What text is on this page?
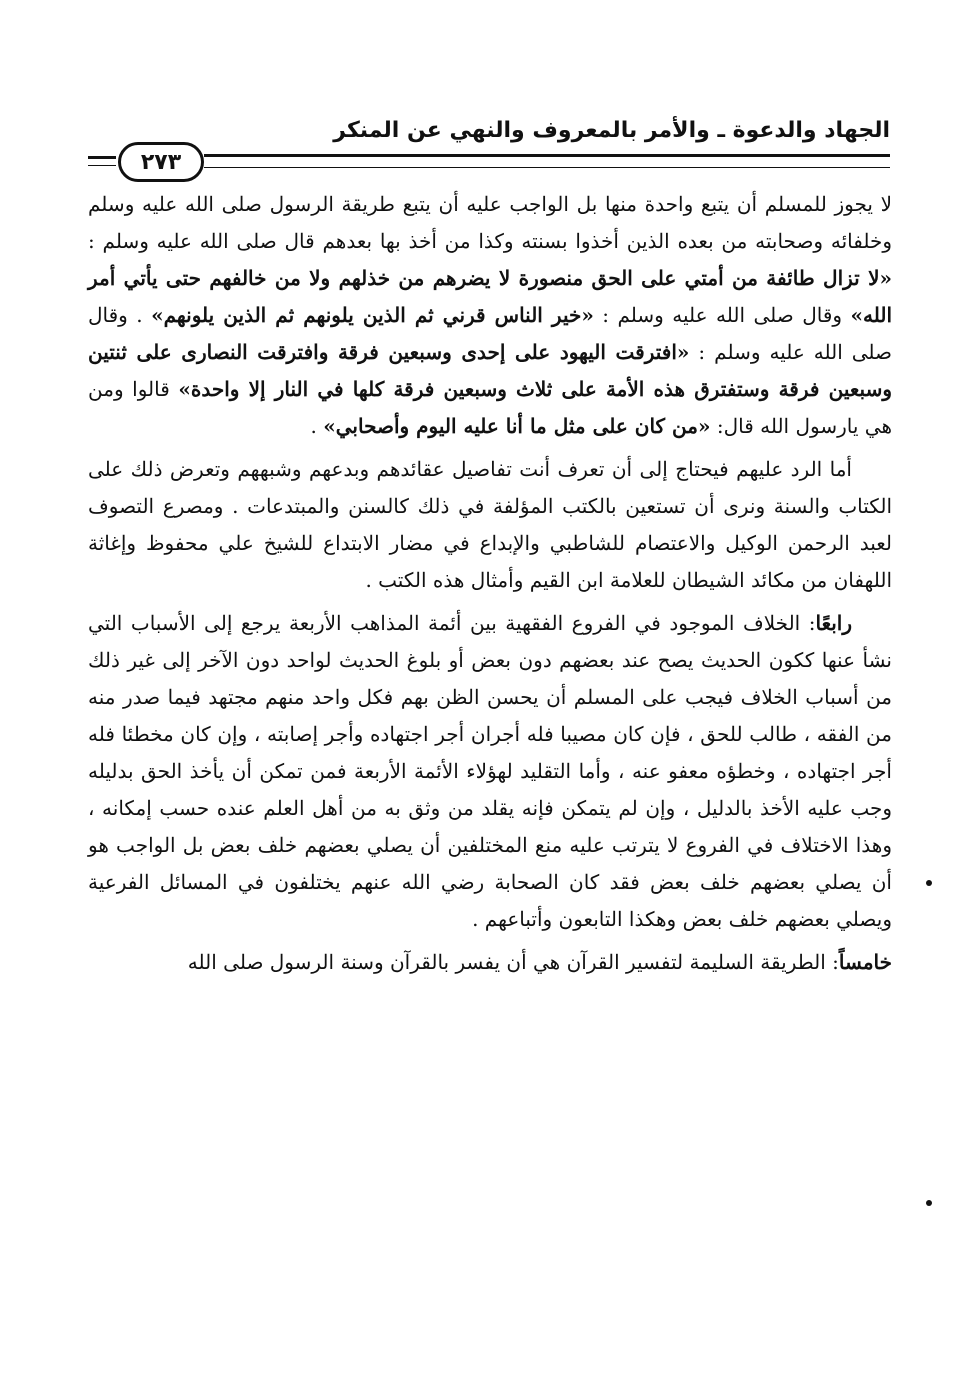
الجهاد والدعوة ـ والأمر بالمعروف والنهي عن المنكر
٢٧٣

لا يجوز للمسلم أن يتبع واحدة منها بل الواجب عليه أن يتبع طريقة الرسول صلى الله عليه وسلم وخلفائه وصحابته من بعده الذين أخذوا بسنته وكذا من أخذ بها بعدهم قال صلى الله عليه وسلم : «لا تزال طائفة من أمتي على الحق منصورة لا يضرهم من خذلهم ولا من خالفهم حتى يأتي أمر الله» وقال صلى الله عليه وسلم : «خير الناس قرني ثم الذين يلونهم ثم الذين يلونهم» . وقال صلى الله عليه وسلم : «افترقت اليهود على إحدى وسبعين فرقة وافترقت النصارى على ثنتين وسبعين فرقة وستفترق هذه الأمة على ثلاث وسبعين فرقة كلها في النار إلا واحدة» قالوا ومن هي يارسول الله قال: «من كان على مثل ما أنا عليه اليوم وأصحابي» .

أما الرد عليهم فيحتاج إلى أن تعرف أنت تفاصيل عقائدهم وبدعهم وشبههم وتعرض ذلك على الكتاب والسنة ونرى أن تستعين بالكتب المؤلفة في ذلك كالسنن والمبتدعات . ومصرع التصوف لعبد الرحمن الوكيل والاعتصام للشاطبي والإبداع في مضار الابتداع للشيخ علي محفوظ وإغاثة اللهفان من مكائد الشيطان للعلامة ابن القيم وأمثال هذه الكتب .

رابعًا: الخلاف الموجود في الفروع الفقهية بين أئمة المذاهب الأربعة يرجع إلى الأسباب التي نشأ عنها ككون الحديث يصح عند بعضهم دون بعض أو بلوغ الحديث لواحد دون الآخر إلى غير ذلك من أسباب الخلاف فيجب على المسلم أن يحسن الظن بهم فكل واحد منهم مجتهد فيما صدر منه من الفقه ، طالب للحق ، فإن كان مصيبا فله أجران أجر اجتهاده وأجر إصابته ، وإن كان مخطئا فله أجر اجتهاده ، وخطؤه معفو عنه ، وأما التقليد لهؤلاء الأئمة الأربعة فمن تمكن أن يأخذ الحق بدليله وجب عليه الأخذ بالدليل ، وإن لم يتمكن فإنه يقلد من وثق به من أهل العلم عنده حسب إمكانه ، وهذا الاختلاف في الفروع لا يترتب عليه منع المختلفين أن يصلي بعضهم خلف بعض بل الواجب هو أن يصلي بعضهم خلف بعض فقد كان الصحابة رضي الله عنهم يختلفون في المسائل الفرعية ويصلي بعضهم خلف بعض وهكذا التابعون وأتباعهم .

خامساً: الطريقة السليمة لتفسير القرآن هي أن يفسر بالقرآن وسنة الرسول صلى الله
